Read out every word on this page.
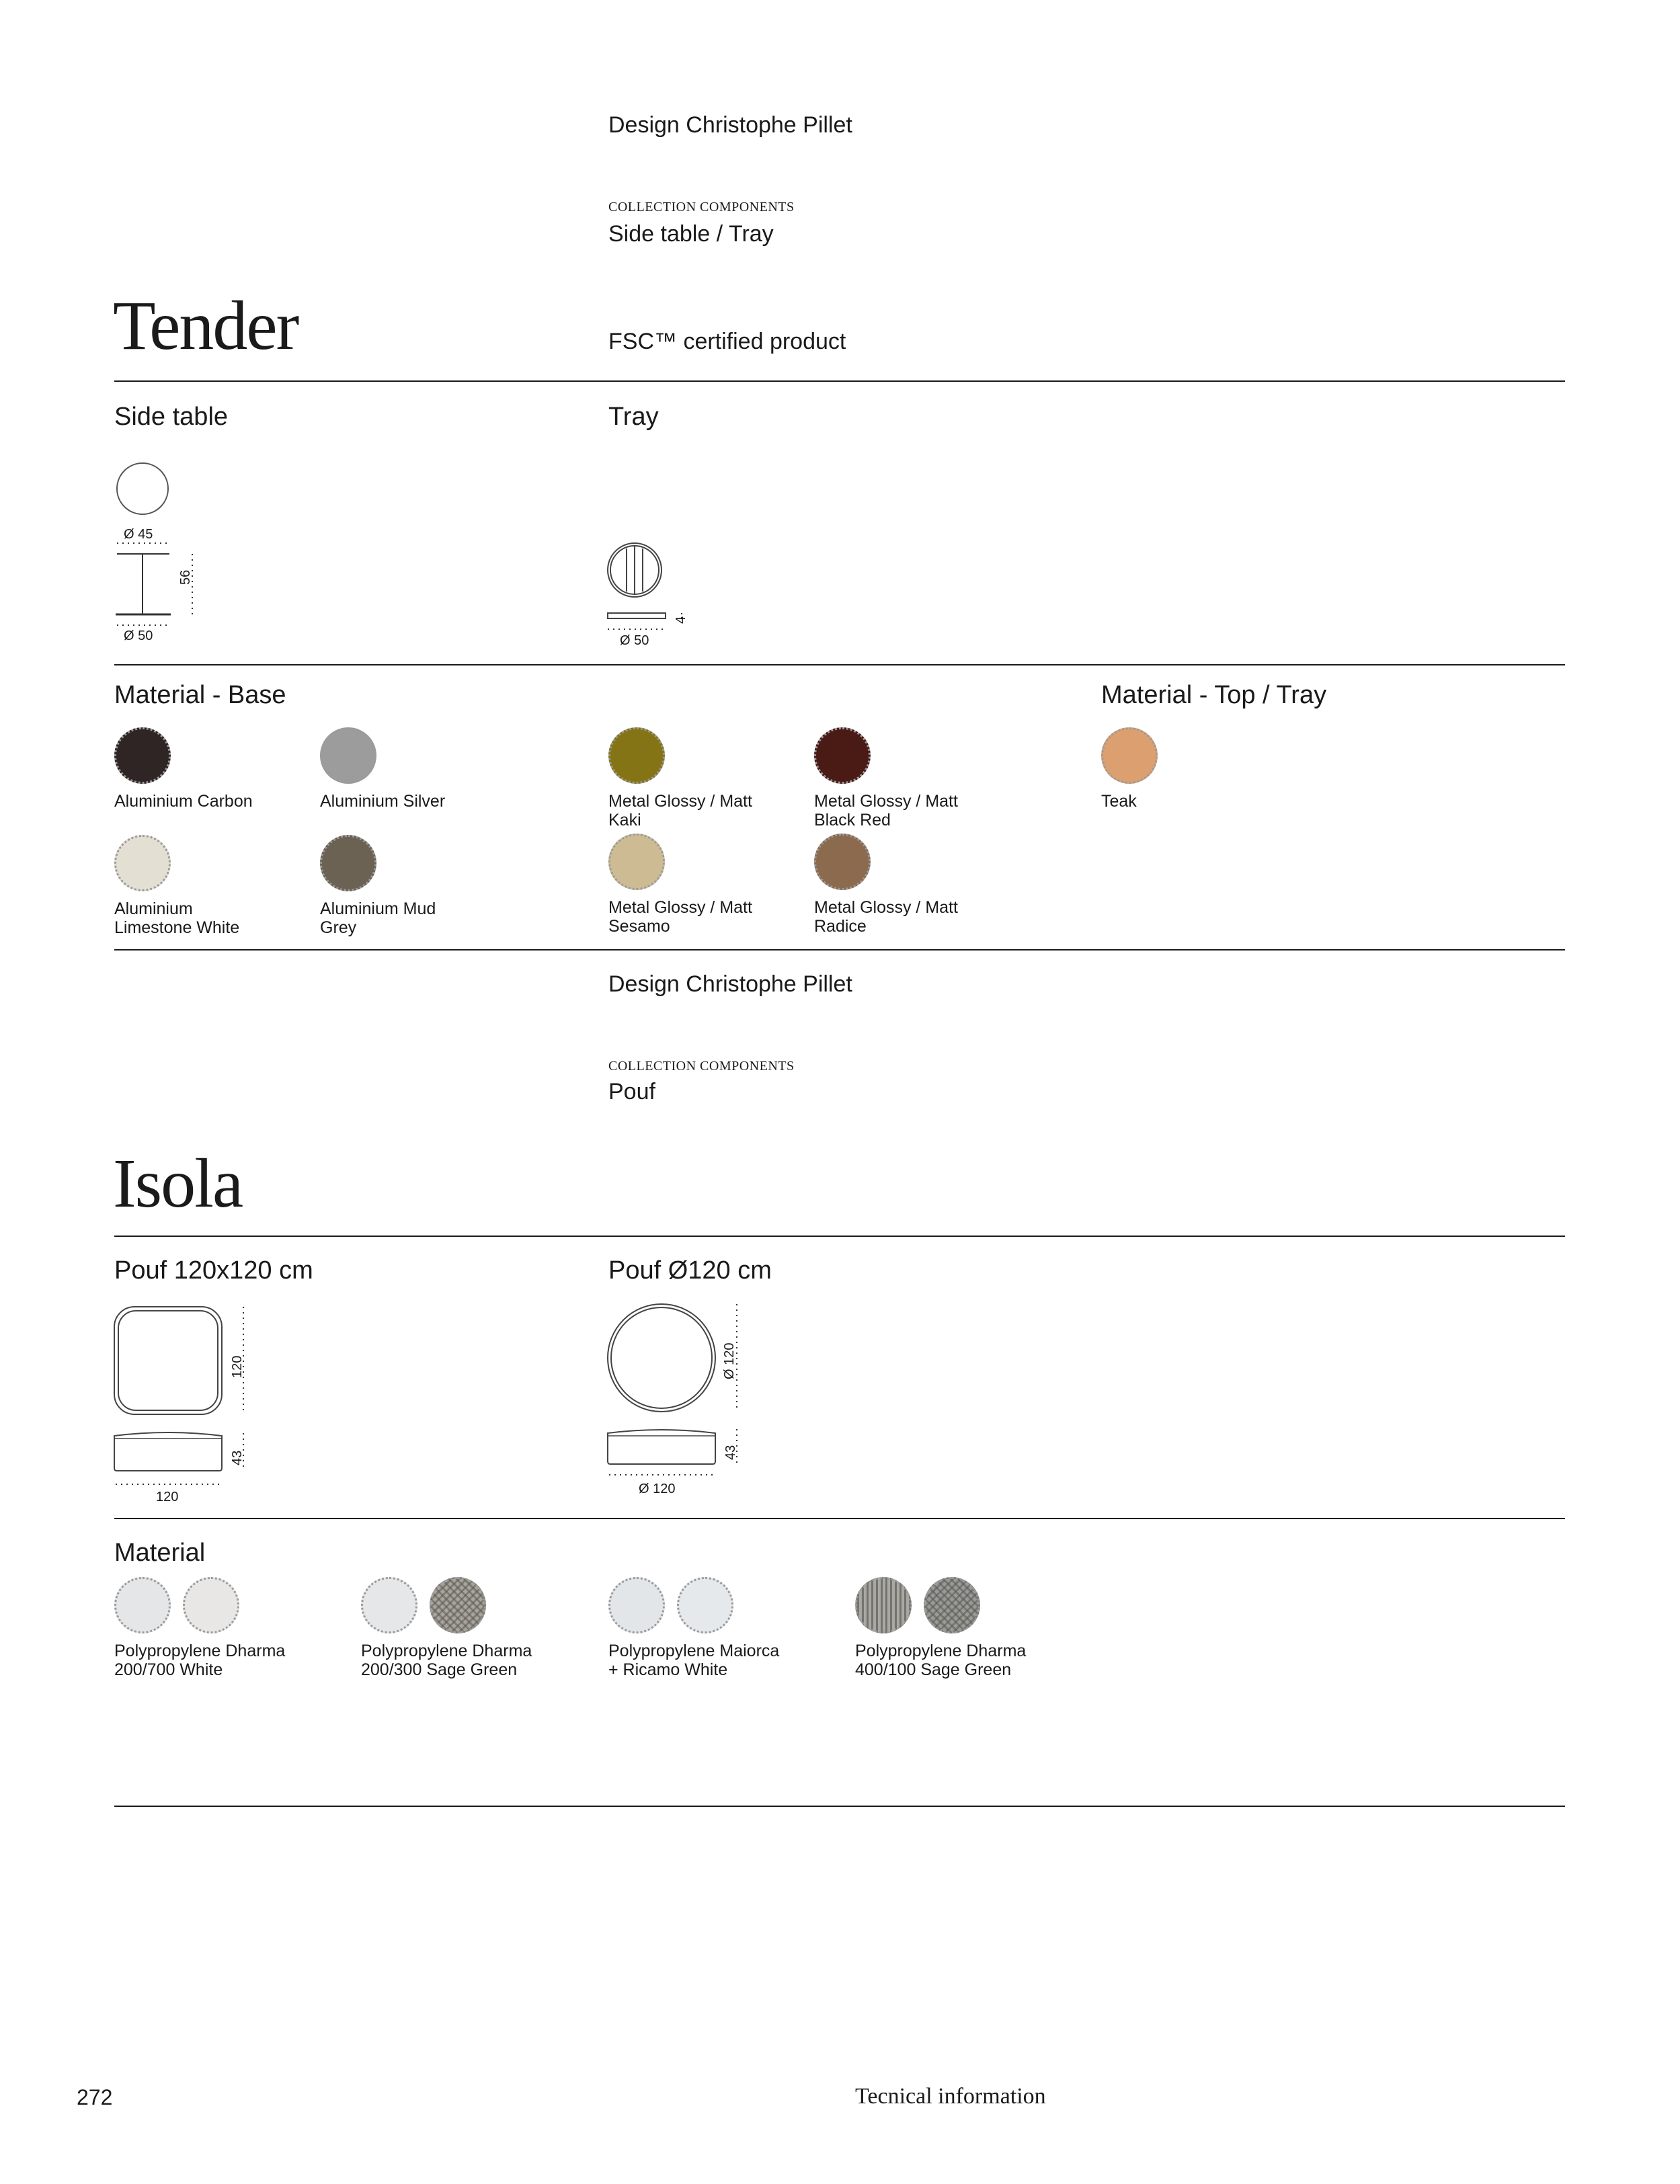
Design Christophe Pillet
COLLECTION COMPONENTS
Side table / Tray
Tender	FSC™ certified product
Side table	Tray
Ø 45
56
Ø 50
4
Ø 50
Material - Base	Material - Top / Tray
Aluminium Carbon	Aluminium Silver	Metal Glossy / Matt
Kaki
Metal Glossy / Matt
Black Red
Aluminium
Limestone White
Aluminium Mud
Grey
Metal Glossy / Matt
Sesamo
Metal Glossy / Matt
Radice
Teak
Design Christophe Pillet
COLLECTION COMPONENTS
Pouf
Isola
Pouf 120x120 cm	Pouf Ø120 cm
120
43
120
Ø 120
43
Ø 120
Material
Polypropylene Dharma
200/700 White
Polypropylene Dharma
200/300 Sage Green
Polypropylene Maiorca
+ Ricamo White
Polypropylene Dharma
400/100 Sage Green
272	Tecnical information
